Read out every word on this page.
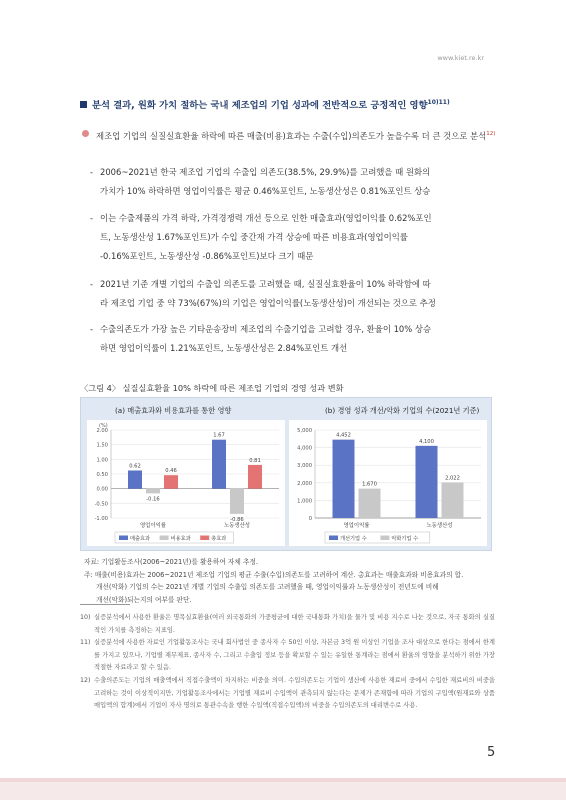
www.kiet.re.kr
분석 결과, 원화 가치 절하는 국내 제조업의 기업 성과에 전반적으로 긍정적인 영향$^{10)11)}$
제조업 기업의 실질실효환율 하락에 따른 매출(비용)효과는 수출(수입)의존도가 높을수록 더 큰 것으로 분석$^{12)}$
- 2006~2021년 한국 제조업 기업의 수출입 의존도(38.5%, 29.9%)를 고려했을 때 원화의
가치가 10% 하락하면 영업이익률은 평균 0.46%포인트, 노동생산성은 0.81%포인트 상승
- 이는 수출제품의 가격 하락, 가격경쟁력 개선 등으로 인한 매출효과(영업이익률 0.62%포인
트, 노동생산성 1.67%포인트)가 수입 중간재 가격 상승에 따른 비용효과(영업이익률
-0.16%포인트, 노동생산성 -0.86%포인트)보다 크기 때문
- 2021년 기준 개별 기업의 수출입 의존도를 고려했을 때, 실질실효환율이 10% 하락함에 따
라 제조업 기업 중 약 73%(67%)의 기업은 영업이익률(노동생산성)이 개선되는 것으로 추정
- 수출의존도가 가장 높은 기타운송장비 제조업의 수출기업을 고려할 경우, 환율이 10% 상승
하면 영업이익률이 1.21%포인트, 노동생산성은 2.84%포인트 개선
〈그림 4〉 실질실효환율 10% 하락에 따른 제조업 기업의 경영 성과 변화
(a) 매출효과와 비용효과를 통한 영향	(b) 경영 성과 개선/악화 기업의 수(2021년 기준)
2.00
1.50
1.00
0.50
0.00
-0.50
-1.00
(%)
0.62
-0.16
0.46
영업이익률
1.67
-0.86
0.81
노동생산성
매출효과	비용효과	총효과
5,000
4,000
3,000
2,000
1,000
0
4,452
1,670
영업이익률
4,100
2,022
노동생산성
개선기업 수	악화기업 수
자료: 기업활동조사(2006~2021년)를 활용하여 자체 추정.
주: 매출(비용)효과는 2006~2021년 제조업 기업의 평균 수출(수입)의존도를 고려하여 계산. 총효과는 매출효과와 비용효과의 합.
개선(악화) 기업의 수는 2021년 개별 기업의 수출입 의존도를 고려했을 때, 영업이익률과 노동생산성이 전년도에 비해
개선(악화)되는지의 여부를 판단.
10) 실증분석에서 사용한 환율은 명목실효환율(여러 외국통화의 가중평균에 대한 국내통화 가치)을 물가 및 비용 지수로 나눈 것으로, 자국 통화의 실질적인 가치를 측정하는 지표임.
11) 실증분석에 사용한 자료인 기업활동조사는 국내 회사법인 중 종사자 수 50인 이상, 자본금 3억 원 이상인 기업을 조사 대상으로 한다는 점에서 한계를 가지고 있으나, 기업별 재무제표, 종사자 수, 그리고 수출입 정보 등을 확보할 수 있는 유일한 통계라는 점에서 환율의 영향을 분석하기 위한 가장 적절한 자료라고 할 수 있음.
12) 수출의존도는 기업의 매출액에서 직접수출액이 차지하는 비중을 의미. 수입의존도는 기업이 생산에 사용한 재료비 중에서 수입한 재료비의 비중을 고려하는 것이 이상적이지만, 기업활동조사에서는 기업별 재료비 수입액이 관측되지 않는다는 문제가 존재함에 따라 기업의 구입액(원재료와 상품매입액의 합계)에서 기업이 자사 명의로 통관수속을 행한 수입액(직접수입액)의 비중을 수입의존도의 대리변수로 사용.
5
